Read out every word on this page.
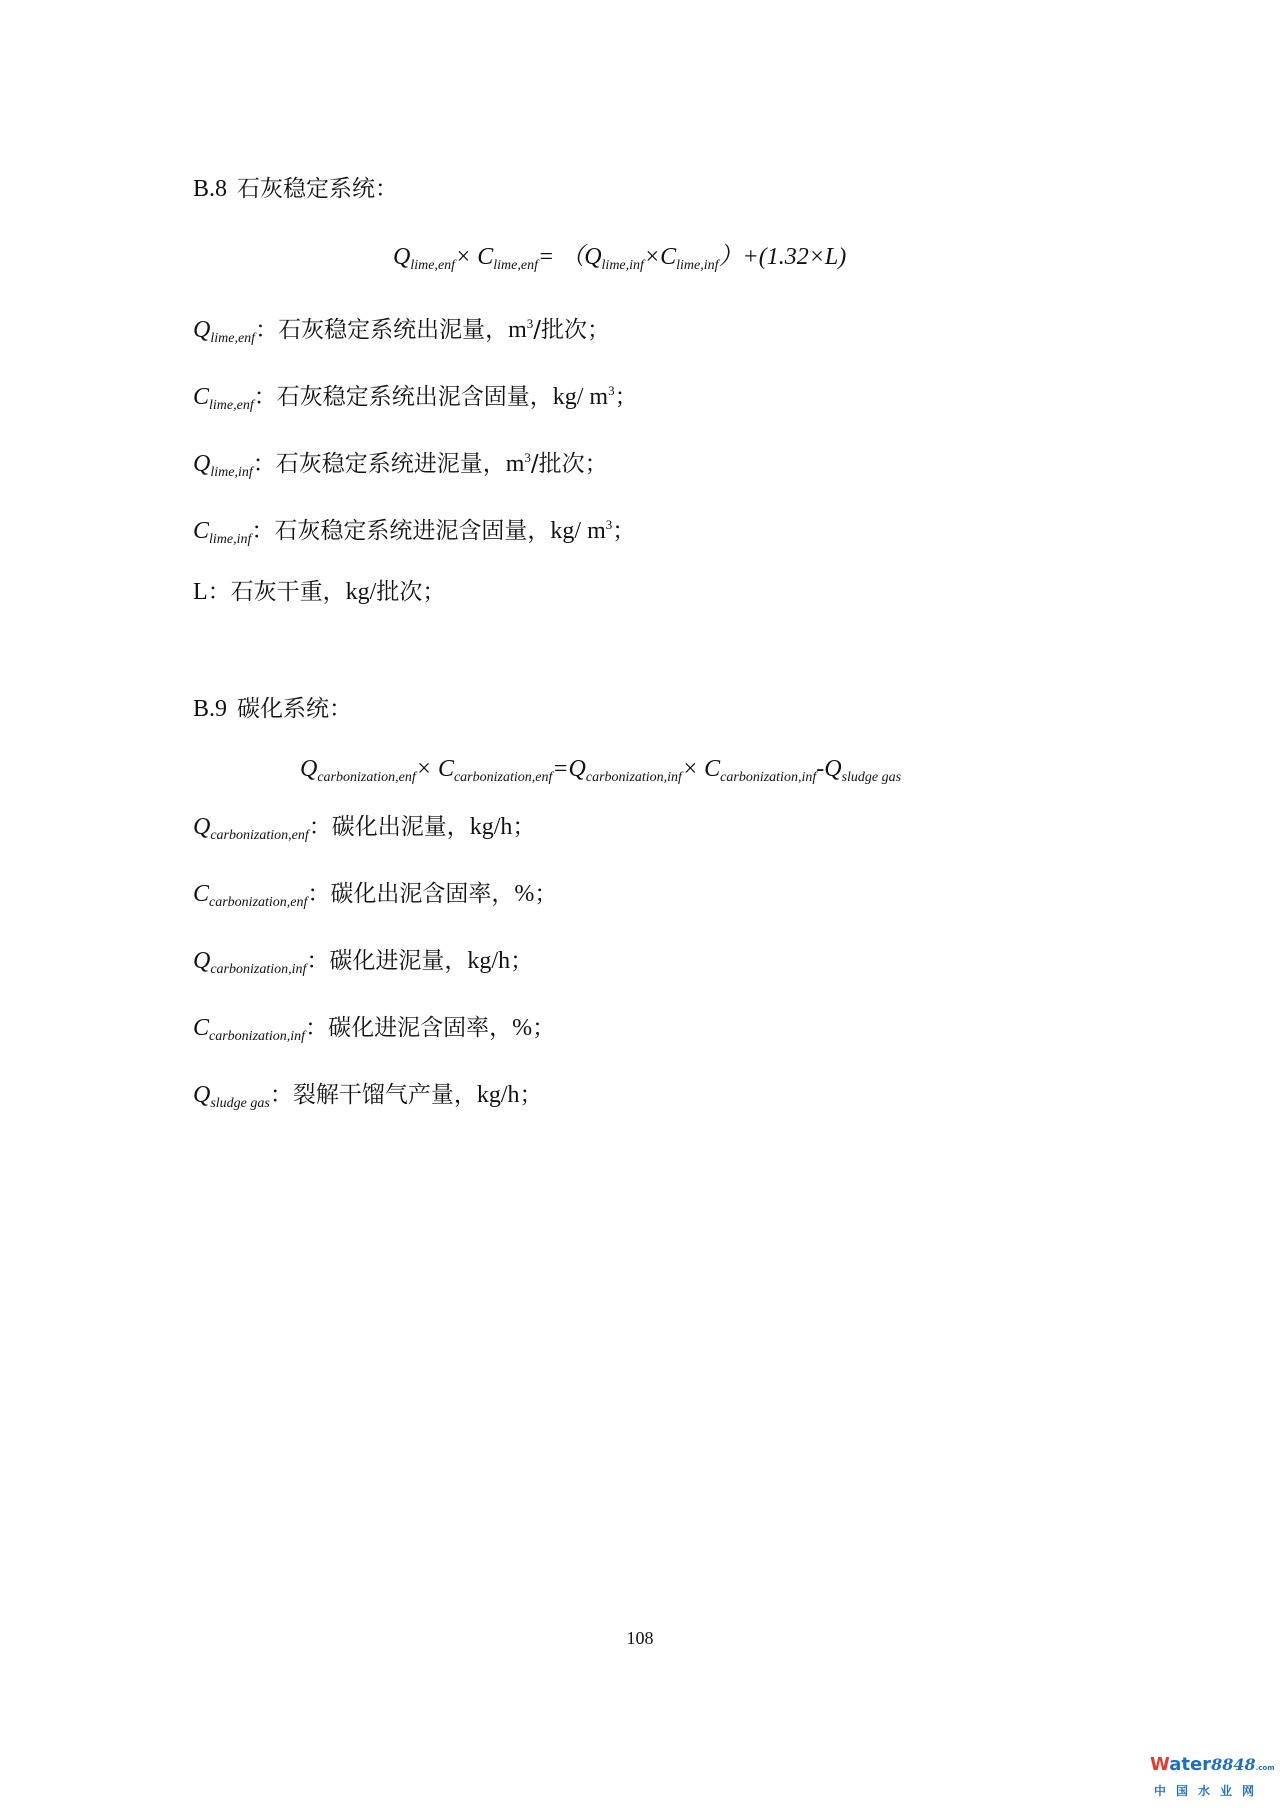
B.8 石灰稳定系统：
$Q_{lime,enf}\times C_{lime,enf}= (Q_{lime,inf}\times C_{lime,inf})+(1.32\times L)$
$Q_{lime,enf}$：石灰稳定系统出泥量，$m^3/$批次；
$C_{lime,enf}$：石灰稳定系统出泥含固量，kg/ $m^3$；
$Q_{lime,inf}$：石灰稳定系统进泥量，$m^3/$批次；
$C_{lime,inf}$：石灰稳定系统进泥含固量，kg/ $m^3$；
L：石灰干重，kg/批次；
B.9 碳化系统：
$Q_{carbonization,enf}\times C_{carbonization,enf}=Q_{carbonization,inf}\times C_{carbonization,inf}-Q_{sludge gas}$
$Q_{carbonization,enf}$：碳化出泥量，kg/h；
$C_{carbonization,enf}$：碳化出泥含固率，%；
$Q_{carbonization,inf}$：碳化进泥量，kg/h；
$C_{carbonization,inf}$：碳化进泥含固率，%；
$Q_{sludge gas}$：裂解干馏气产量，kg/h；
108
Water8848.com
中国水业网
